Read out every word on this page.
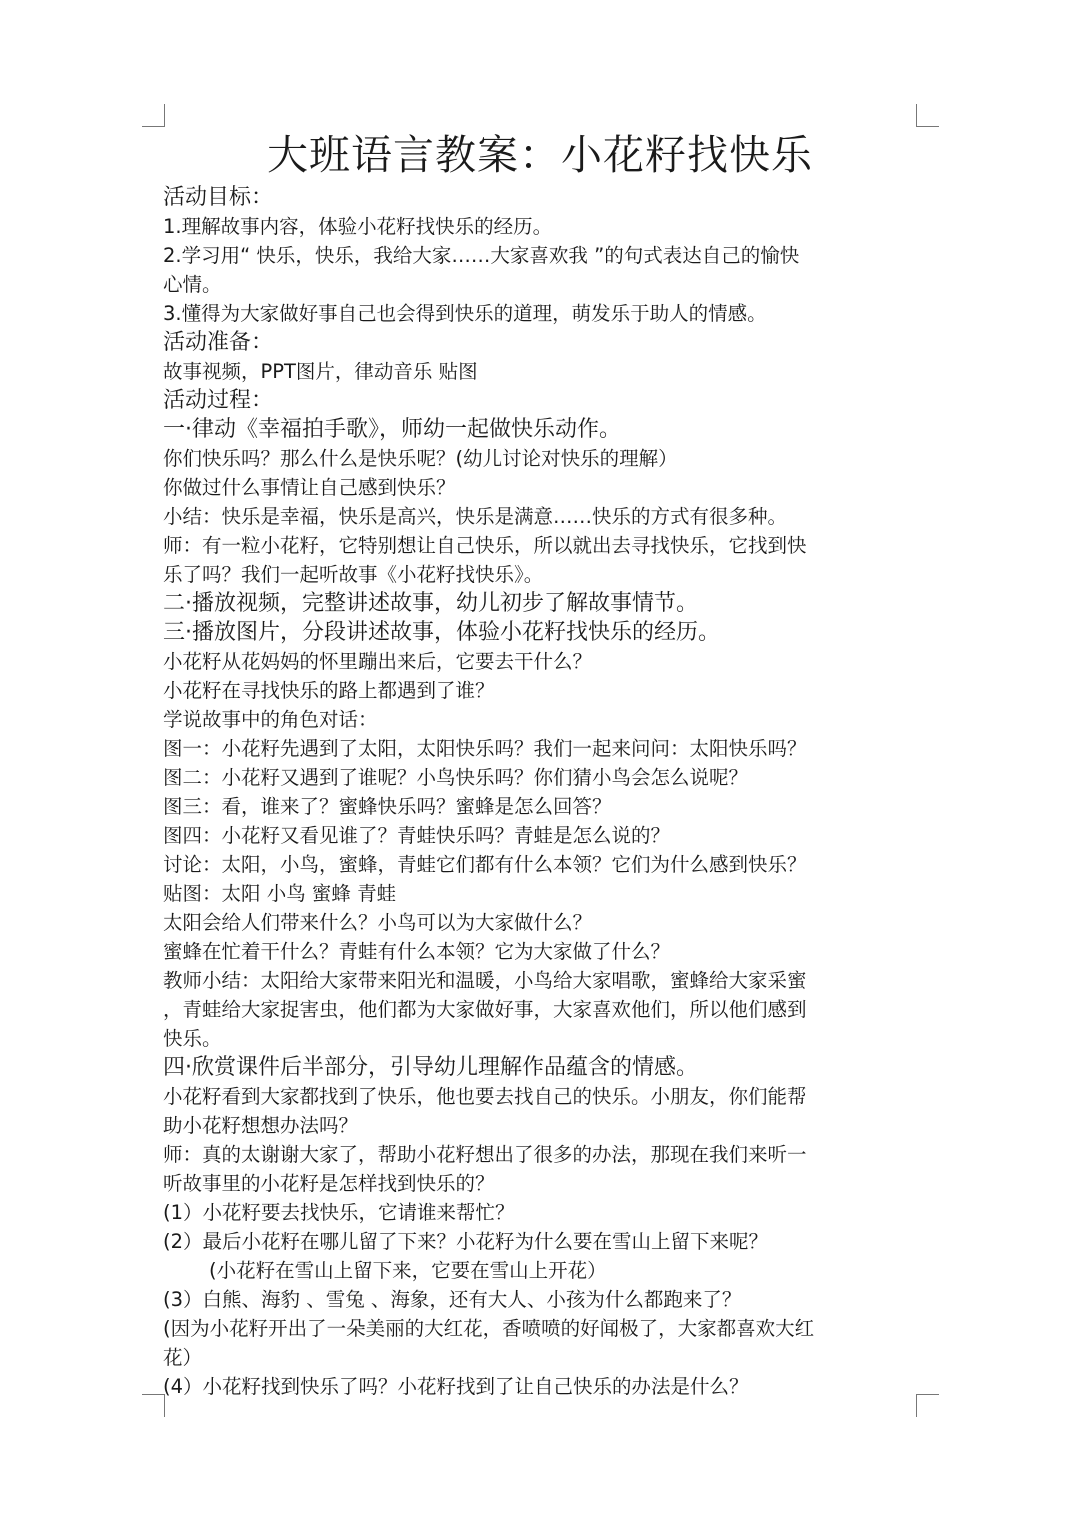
大班语言教案：小花籽找快乐
活动目标：
1.理解故事内容，体验小花籽找快乐的经历。
2.学习用“ 快乐，快乐，我给大家……大家喜欢我 ”的句式表达自己的愉快
心情。
3.懂得为大家做好事自己也会得到快乐的道理，萌发乐于助人的情感。
活动准备：
故事视频，PPT图片，律动音乐 贴图
活动过程：
一·律动《幸福拍手歌》，师幼一起做快乐动作。
你们快乐吗？那么什么是快乐呢？(幼儿讨论对快乐的理解）
你做过什么事情让自己感到快乐？
小结：快乐是幸福，快乐是高兴，快乐是满意……快乐的方式有很多种。
师：有一粒小花籽，它特别想让自己快乐，所以就出去寻找快乐，它找到快
乐了吗？我们一起听故事《小花籽找快乐》。
二·播放视频，完整讲述故事，幼儿初步了解故事情节。
三·播放图片，分段讲述故事，体验小花籽找快乐的经历。
小花籽从花妈妈的怀里蹦出来后，它要去干什么？
小花籽在寻找快乐的路上都遇到了谁？
学说故事中的角色对话：
图一：小花籽先遇到了太阳，太阳快乐吗？我们一起来问问：太阳快乐吗？
图二：小花籽又遇到了谁呢？小鸟快乐吗？你们猜小鸟会怎么说呢？
图三：看，谁来了？蜜蜂快乐吗？蜜蜂是怎么回答？
图四：小花籽又看见谁了？青蛙快乐吗？青蛙是怎么说的？
讨论：太阳，小鸟，蜜蜂，青蛙它们都有什么本领？它们为什么感到快乐？
贴图：太阳 小鸟 蜜蜂 青蛙
太阳会给人们带来什么？小鸟可以为大家做什么？
蜜蜂在忙着干什么？青蛙有什么本领？它为大家做了什么？
教师小结：太阳给大家带来阳光和温暖，小鸟给大家唱歌，蜜蜂给大家采蜜
，青蛙给大家捉害虫，他们都为大家做好事，大家喜欢他们，所以他们感到
快乐。
四·欣赏课件后半部分，引导幼儿理解作品蕴含的情感。
小花籽看到大家都找到了快乐，他也要去找自己的快乐。小朋友，你们能帮
助小花籽想想办法吗？
师：真的太谢谢大家了，帮助小花籽想出了很多的办法，那现在我们来听一
听故事里的小花籽是怎样找到快乐的？
(1）小花籽要去找快乐，它请谁来帮忙？
(2）最后小花籽在哪儿留了下来？小花籽为什么要在雪山上留下来呢？
(小花籽在雪山上留下来，它要在雪山上开花）
(3）白熊、海豹 、雪兔 、海象，还有大人、小孩为什么都跑来了？
(因为小花籽开出了一朵美丽的大红花，香喷喷的好闻极了，大家都喜欢大红
花）
(4）小花籽找到快乐了吗？小花籽找到了让自己快乐的办法是什么？
